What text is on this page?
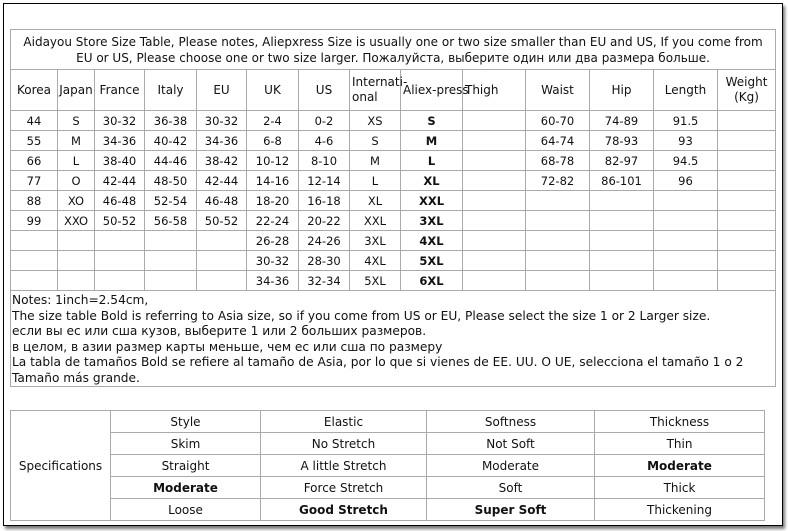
Aidayou Store Size Table, Please notes, Aliepxress Size is usually one or two size smaller than EU and US, If you come from EU or US, Please choose one or two size larger. Пожалуйста, выберите один или два размера больше.													
Korea	Japan	France	Italy	EU	UK	US	Internati-onal	Aliex-press	Thigh	Waist	Hip	Length	Weight (Kg)
44	S	30-32	36-38	30-32	2-4	0-2	XS	S		60-70	74-89	91.5	
55	M	34-36	40-42	34-36	6-8	4-6	S	M		64-74	78-93	93	
66	L	38-40	44-46	38-42	10-12	8-10	M	L		68-78	82-97	94.5	
77	O	42-44	48-50	42-44	14-16	12-14	L	XL		72-82	86-101	96	
88	XO	46-48	52-54	46-48	18-20	16-18	XL	XXL					
99	XXO	50-52	56-58	50-52	22-24	20-22	XXL	3XL					
					26-28	24-26	3XL	4XL					
					30-32	28-30	4XL	5XL					
					34-36	32-34	5XL	6XL					

Notes: 1inch=2.54cm,
The size table Bold is referring to Asia size, so if you come from US or EU, Please select the size 1 or 2 Larger size.
если вы ес или сша кузов, выберите 1 или 2 больших размеров.
в целом, в азии размер карты меньше, чем ес или сша по размеру
La tabla de tamaños Bold se refiere al tamaño de Asia, por lo que si vienes de EE. UU. O UE, selecciona el tamaño 1 o 2 Tamaño más grande.													
Specifications	Style	Elastic	Softness	Thickness
	Skim	No Stretch	Not Soft	Thin
	Straight	A little Stretch	Moderate	Moderate
	Moderate	Force Stretch	Soft	Thick
	Loose	Good Stretch	Super Soft	Thickening
